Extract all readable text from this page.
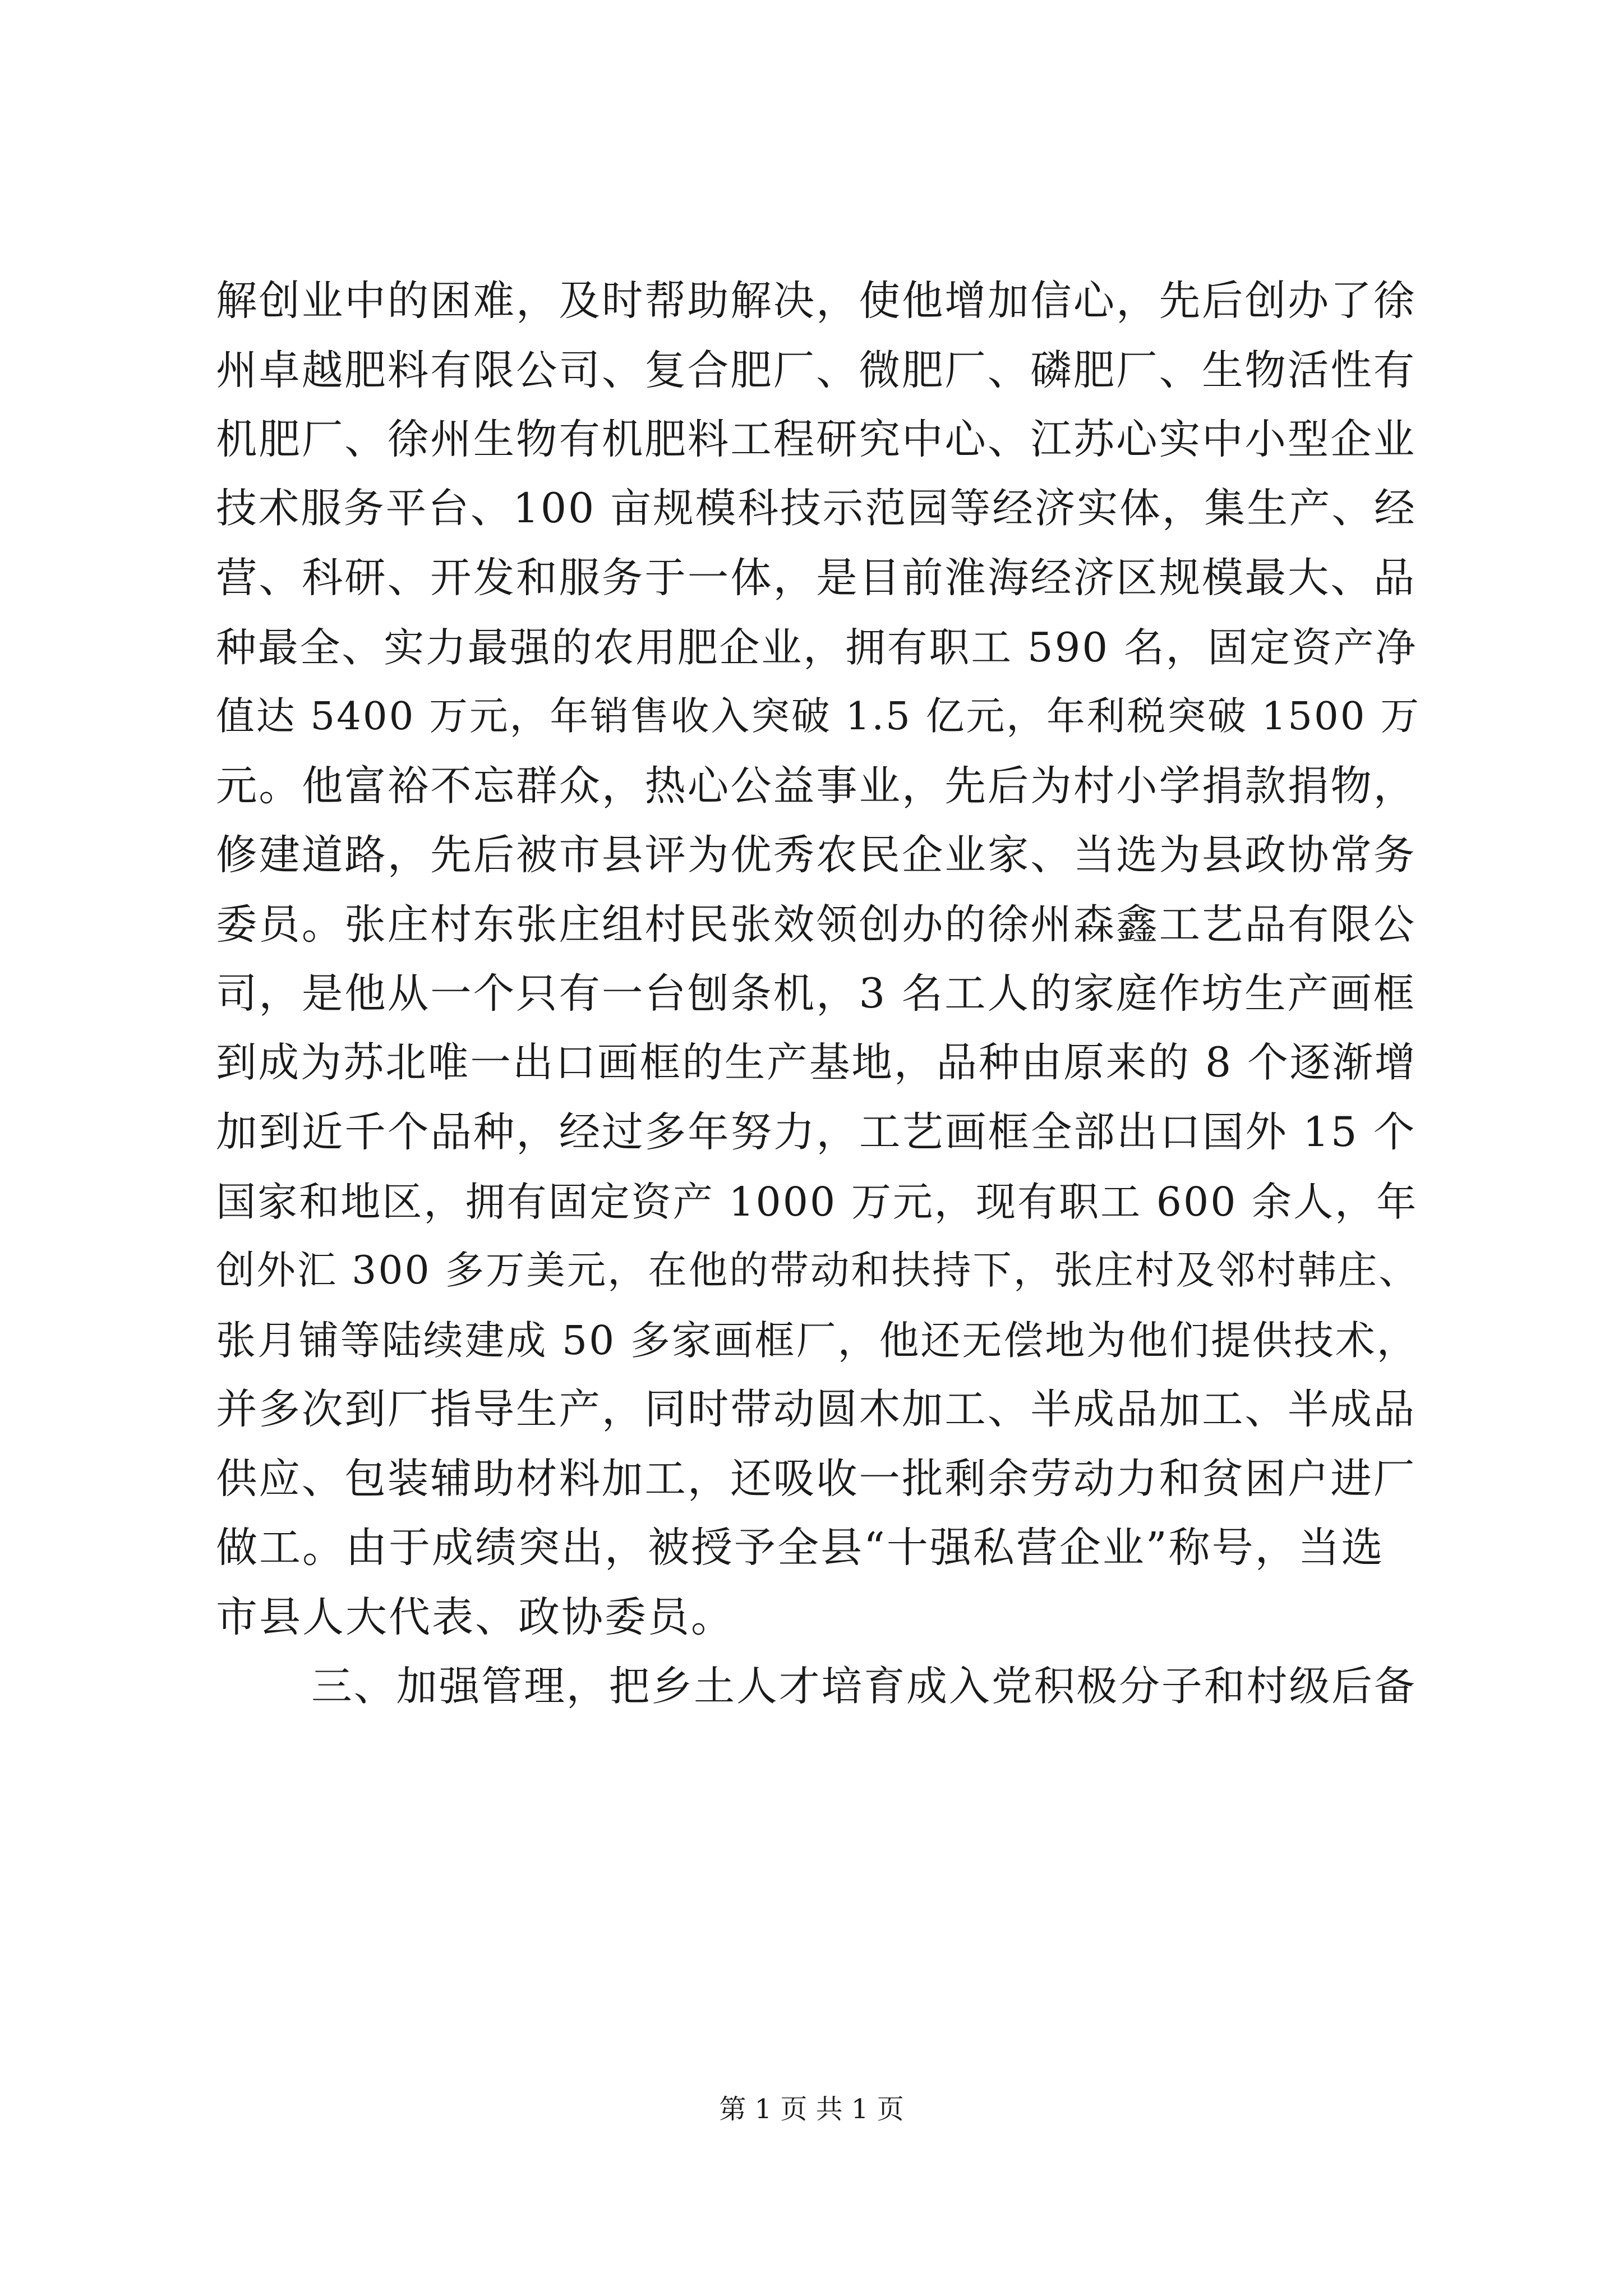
解创业中的困难，及时帮助解决，使他增加信心，先后创办了徐
州卓越肥料有限公司、复合肥厂、微肥厂、磷肥厂、生物活性有
机肥厂、徐州生物有机肥料工程研究中心、江苏心实中小型企业
技术服务平台、100 亩规模科技示范园等经济实体，集生产、经
营、科研、开发和服务于一体，是目前淮海经济区规模最大、品
种最全、实力最强的农用肥企业，拥有职工 590 名，固定资产净
值达 5400 万元，年销售收入突破 1.5 亿元，年利税突破 1500 万
元。他富裕不忘群众，热心公益事业，先后为村小学捐款捐物，
修建道路，先后被市县评为优秀农民企业家、当选为县政协常务
委员。张庄村东张庄组村民张效领创办的徐州森鑫工艺品有限公
司，是他从一个只有一台刨条机，3 名工人的家庭作坊生产画框
到成为苏北唯一出口画框的生产基地，品种由原来的 8 个逐渐增
加到近千个品种，经过多年努力，工艺画框全部出口国外 15 个
国家和地区，拥有固定资产 1000 万元，现有职工 600 余人，年
创外汇 300 多万美元，在他的带动和扶持下，张庄村及邻村韩庄、
张月铺等陆续建成 50 多家画框厂，他还无偿地为他们提供技术，
并多次到厂指导生产，同时带动圆木加工、半成品加工、半成品
供应、包装辅助材料加工，还吸收一批剩余劳动力和贫困户进厂
做工。由于成绩突出，被授予全县“十强私营企业”称号，当选
市县人大代表、政协委员。
三、加强管理，把乡土人才培育成入党积极分子和村级后备
第 1 页 共 1 页
